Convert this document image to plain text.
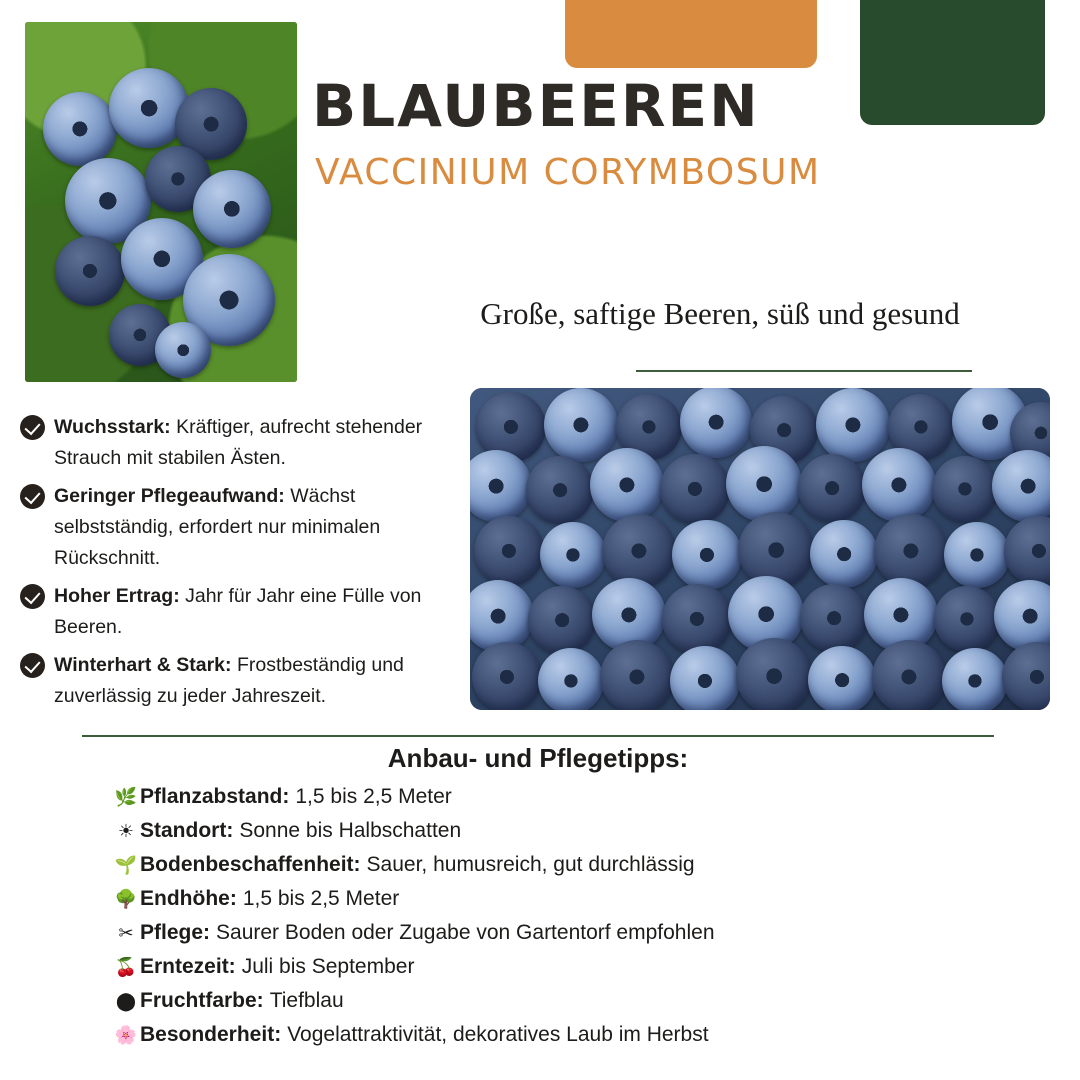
BLAUBEEREN
VACCINIUM CORYMBOSUM
Große, saftige Beeren, süß und gesund
Wuchsstark: Kräftiger, aufrecht stehender Strauch mit stabilen Ästen.
Geringer Pflegeaufwand: Wächst selbstständig, erfordert nur minimalen Rückschnitt.
Hoher Ertrag: Jahr für Jahr eine Fülle von Beeren.
Winterhart & Stark: Frostbeständig und zuverlässig zu jeder Jahreszeit.
Anbau- und Pflegetipps:
🌿 Pflanzabstand: 1,5 bis 2,5 Meter
☀ Standort: Sonne bis Halbschatten
🌱 Bodenbeschaffenheit: Sauer, humusreich, gut durchlässig
🌳 Endhöhe: 1,5 bis 2,5 Meter
✂ Pflege: Saurer Boden oder Zugabe von Gartentorf empfohlen
🍒 Erntezeit: Juli bis September
⬤ Fruchtfarbe: Tiefblau
🌸 Besonderheit: Vogelattraktivität, dekoratives Laub im Herbst
